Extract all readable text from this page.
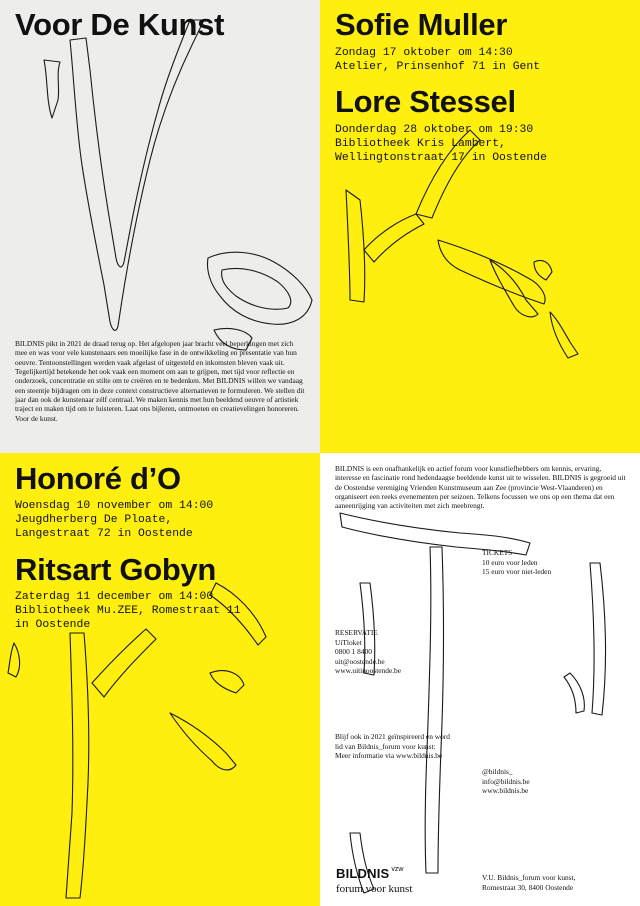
Voor De Kunst

BILDNIS pikt in 2021 de draad terug op. Het afgelopen jaar bracht veel beperkingen met zich mee en was voor vele kunstenaars een moeilijke fase in de ontwikkeling en presentatie van hun oeuvre. Tentoonstellingen werden vaak afgelast of uitgesteld en inkomsten bleven vaak uit. Tegelijkertijd betekende het ook vaak een moment om aan te grijpen, met tijd voor reflectie en onderzoek, concentratie en stilte om te creëren en te bedenken. Met BILDNIS willen we vandaag een steentje bijdragen om in deze context constructieve alternatieven te formuleren. We stellen dit jaar dan ook de kunstenaar zélf centraal. We maken kennis met hun beeldend oeuvre of artistiek traject en maken tijd om te luisteren. Laat ons bijleren, ontmoeten en creatievelingen honoreren. Voor de kunst.

Sofie Muller

Zondag 17 oktober om 14:30
Atelier, Prinsenhof 71 in Gent

Lore Stessel

Donderdag 28 oktober om 19:30
Bibliotheek Kris Lambert,
Wellingtonstraat 17 in Oostende

Honoré d’O

Woensdag 10 november om 14:00
Jeugdherberg De Ploate,
Langestraat 72 in Oostende

Ritsart Gobyn

Zaterdag 11 december om 14:00
Bibliotheek Mu.ZEE, Romestraat 11
in Oostende

BILDNIS is een onafhankelijk en actief forum voor kunstliefhebbers om kennis, ervaring, interesse en fascinatie rond hedendaagse beeldende kunst uit te wisselen. BILDNIS is gegroeid uit de Oostendse vereniging Vrienden Kunstmuseum aan Zee (provincie West-Vlaanderen) en organiseert een reeks evenementen per seizoen. Telkens focussen we ons op een thema dat een aaneenrijging van activiteiten met zich meebrengt.

TICKETS
10 euro voor leden
15 euro voor niet-leden

RESERVATIE
UiTloket
0800 1 8400
uit@oostende.be
www.uitinoostende.be

Blijf ook in 2021 geïnspireerd en word
lid van Bildnis_forum voor kunst:
Meer informatie via www.bildnis.be

@bildnis_
info@bildnis.be
www.bildnis.be

BILDNIS vzw
forum voor kunst

V.U. Bildnis_forum voor kunst,
Romestraat 30, 8400 Oostende
